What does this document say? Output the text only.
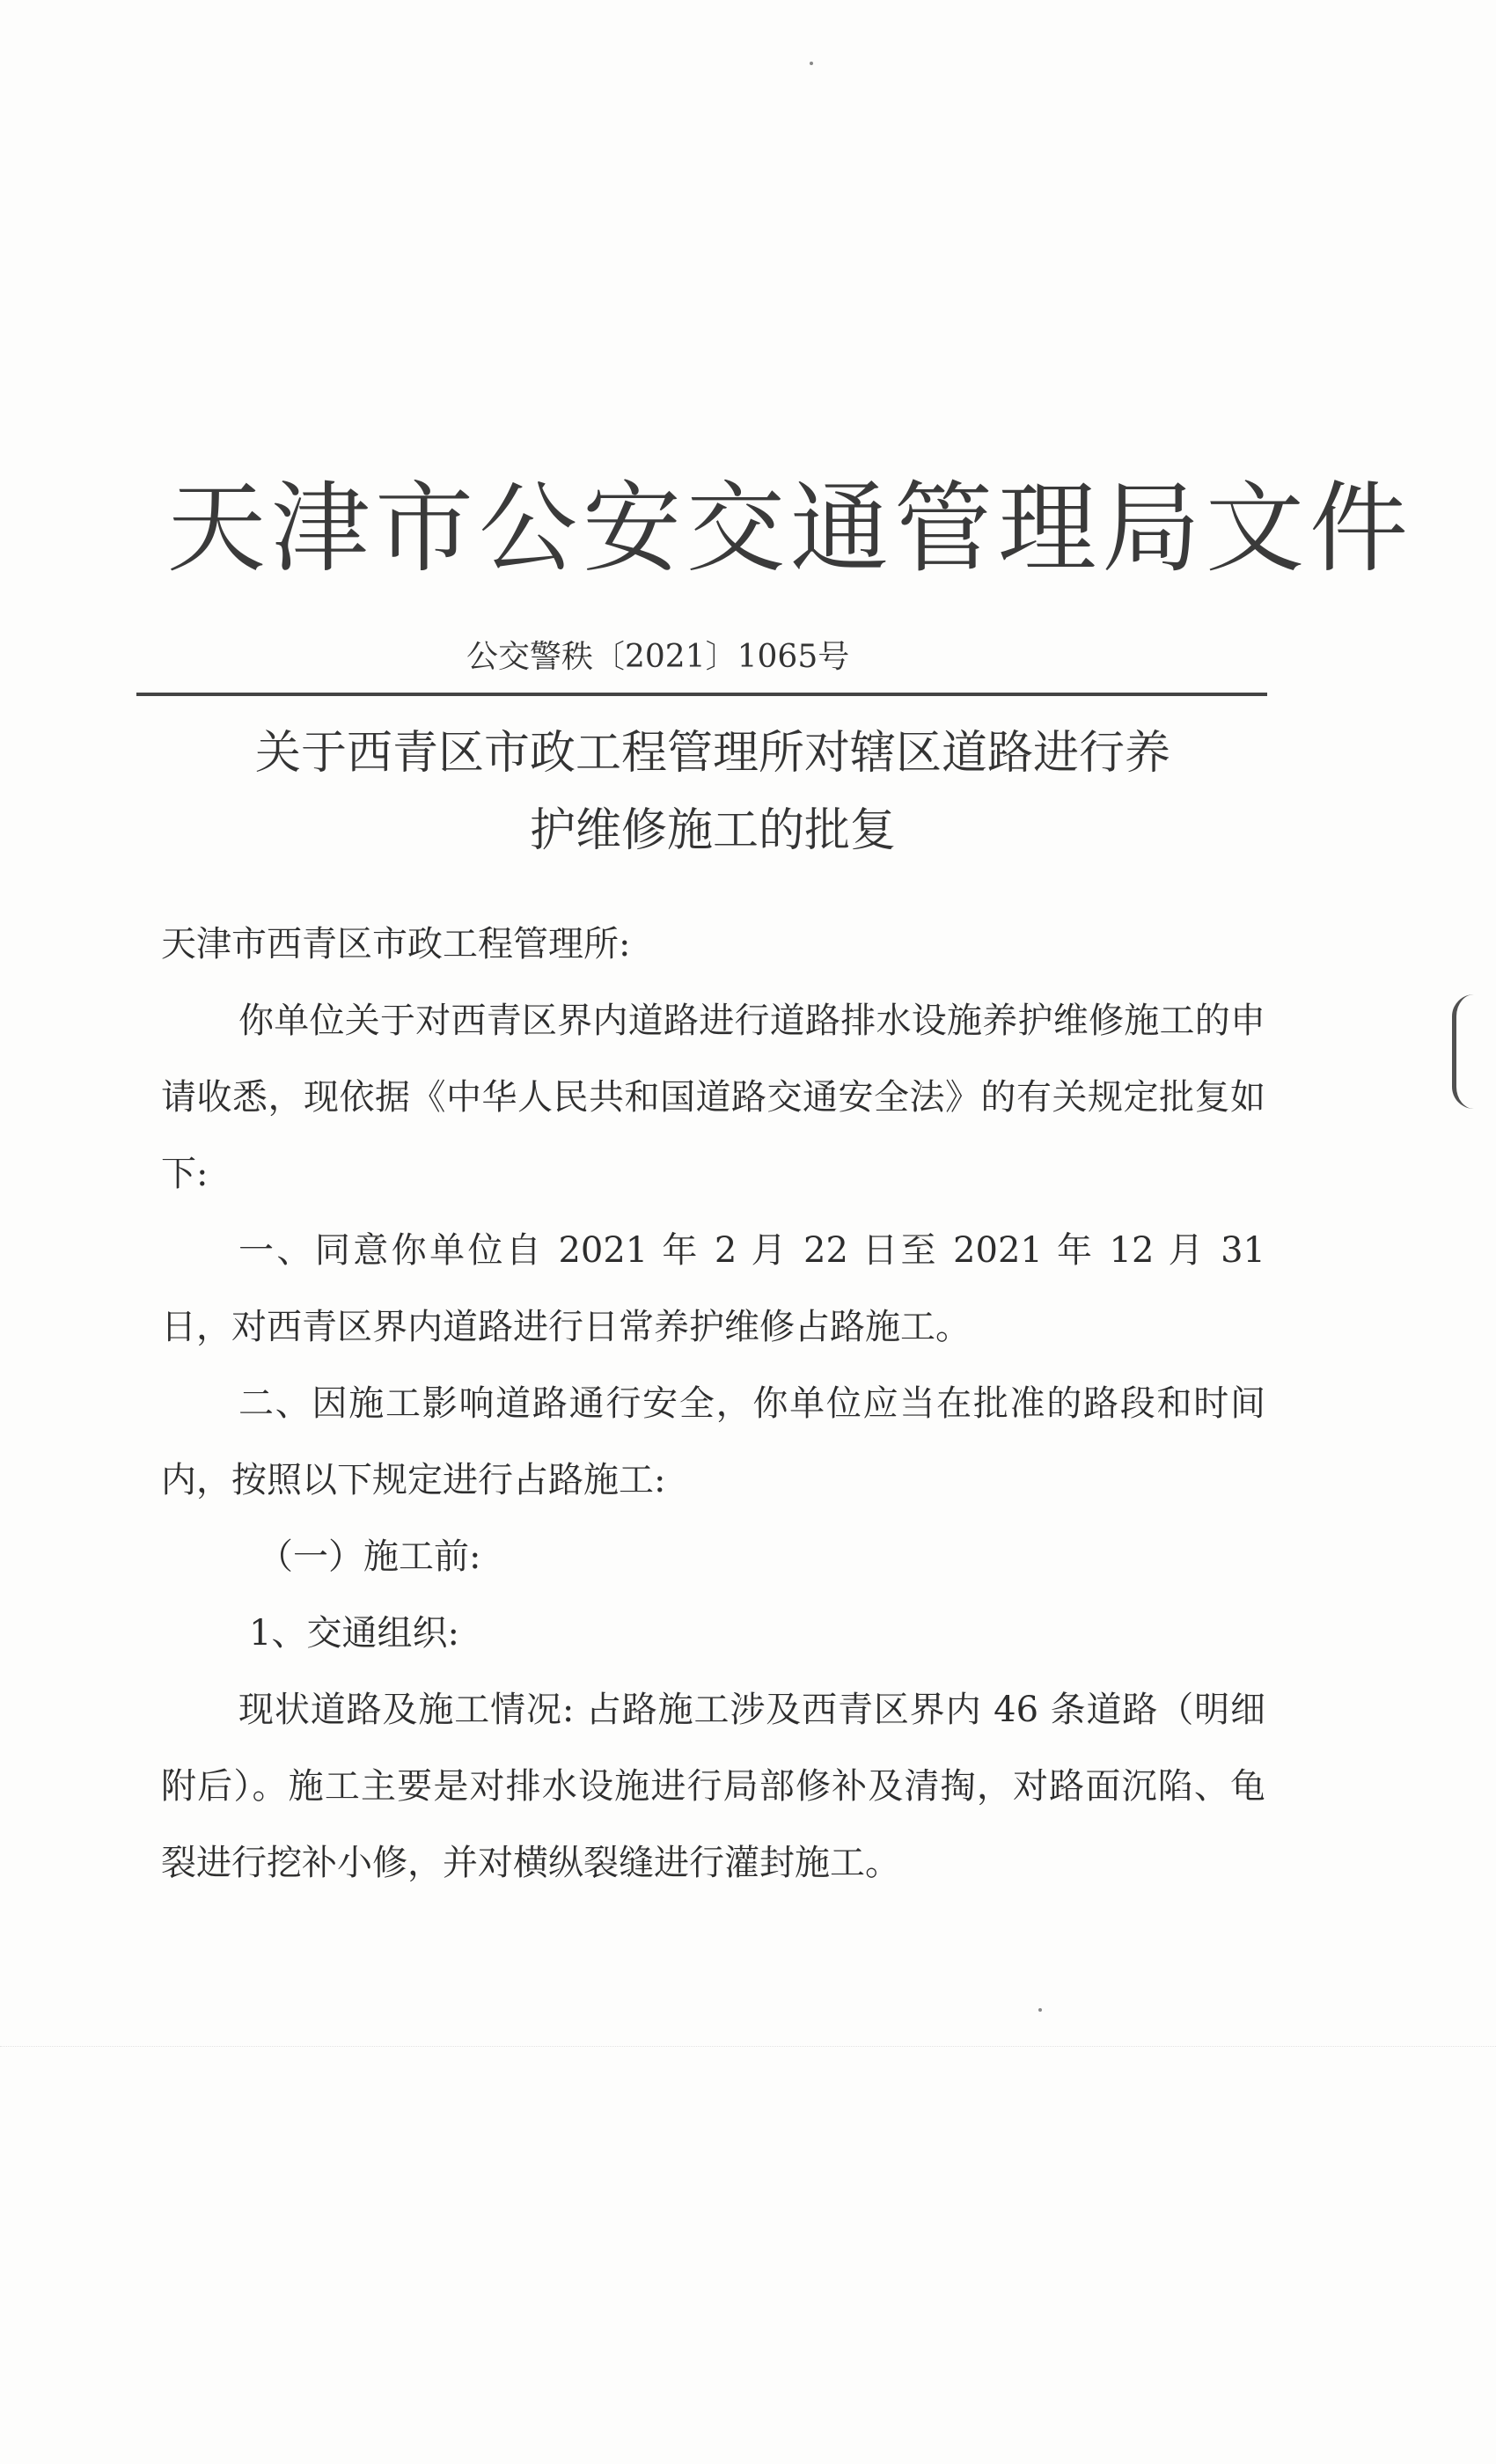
天津市公安交通管理局文件
公交警秩〔2021〕1065号
关于西青区市政工程管理所对辖区道路进行养
护维修施工的批复

天津市西青区市政工程管理所:

你单位关于对西青区界内道路进行道路排水设施养护维修施工的申请收悉，现依据《中华人民共和国道路交通安全法》的有关规定批复如下:

一、同意你单位自 2021 年 2 月 22 日至 2021 年 12 月 31 日，对西青区界内道路进行日常养护维修占路施工。

二、因施工影响道路通行安全，你单位应当在批准的路段和时间内，按照以下规定进行占路施工:

（一）施工前:

1、交通组织:

现状道路及施工情况: 占路施工涉及西青区界内 46 条道路（明细附后）。施工主要是对排水设施进行局部修补及清掏，对路面沉陷、龟裂进行挖补小修，并对横纵裂缝进行灌封施工。
